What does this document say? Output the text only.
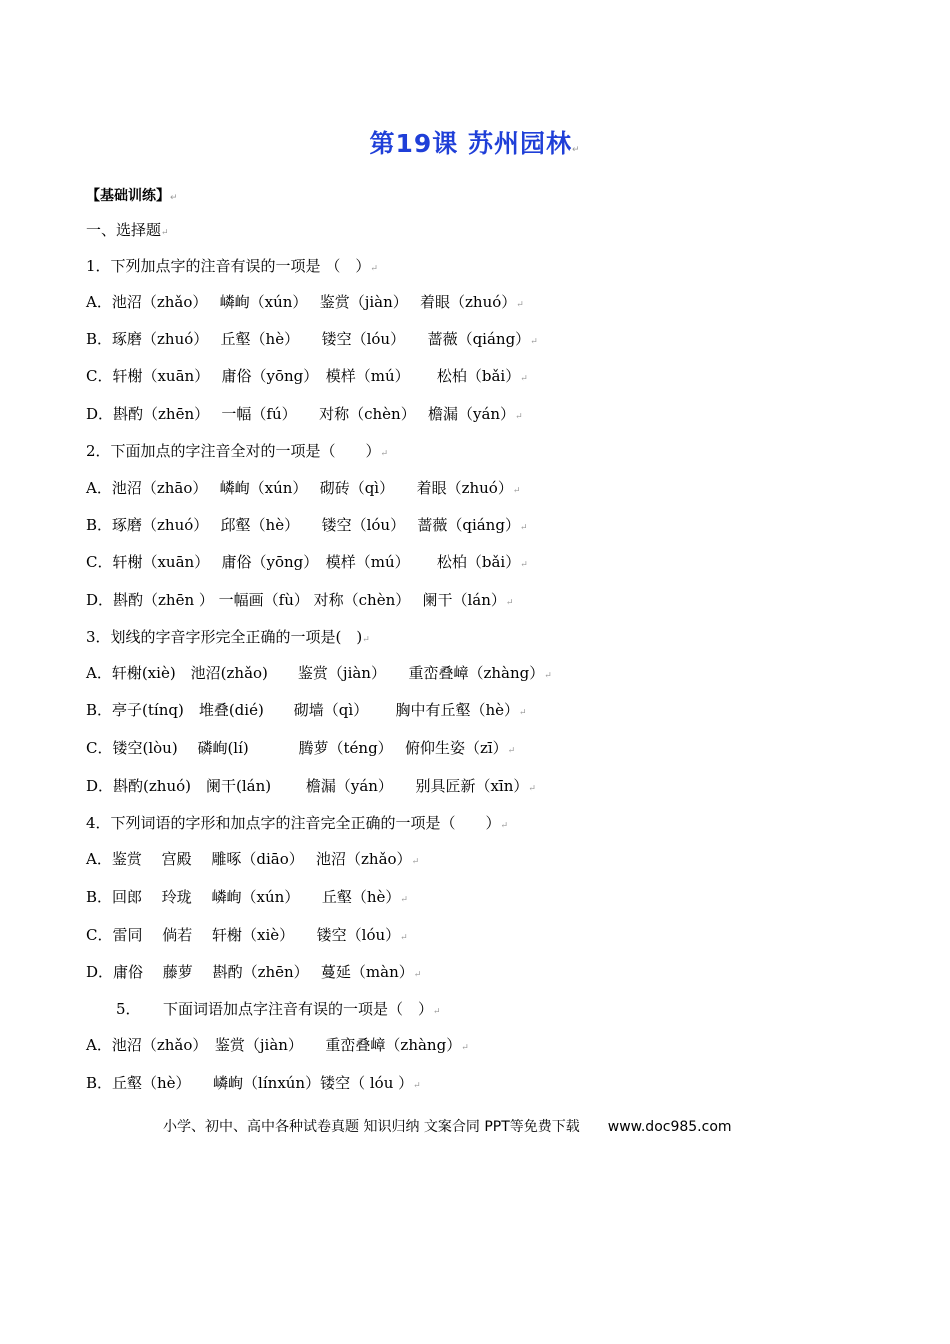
第19课 苏州园林↵
【基础训练】↵
一、选择题↵
1．下列加点字的注音有误的一项是 （　）↵
A．池沼（zhǎo）　 嶙峋（xún）　 鉴赏（jiàn）　 着眼（zhuó）↵
B．琢磨（zhuó）　 丘壑（hè）　　镂空（lóu）　　蔷薇（qiáng）↵
C．轩榭（xuān）　 庸俗（yōng）　模样（mú）　　 松柏（bǎi）↵
D．斟酌（zhēn）　 一幅（fú）　　对称（chèn）　 檐漏（yán）↵
2．下面加点的字注音全对的一项是（　　）↵
A．池沼（zhāo）　 嶙峋（xún）　 砌砖（qì）　　着眼（zhuó）↵
B．琢磨（zhuó）　 邱壑（hè）　　镂空（lóu）　 蔷薇（qiáng）↵
C．轩榭（xuān）　 庸俗（yōng）　模样（mú）　　 松柏（bǎi）↵
D．斟酌（zhēn ） 一幅画（fù） 对称（chèn）　 阑干（lán）↵
3．划线的字音字形完全正确的一项是(　)↵
A．轩榭(xiè)　池沼(zhǎo)　　鉴赏（jiàn）　　重峦叠嶂（zhàng）↵
B．亭子(tínq)　堆叠(dié)　　砌墙（qì）　　 胸中有丘壑（hè）↵
C．镂空(lòu)　 磷峋(lí)　　　 腾萝（téng）　 俯仰生姿（zī）↵
D．斟酌(zhuó)　阑干(lán)　　 檐漏（yán）　　别具匠新（xīn）↵
4．下列词语的字形和加点字的注音完全正确的一项是（　　）↵
A．鉴赏　 宫殿　 雕啄（diāo）　 池沼（zhǎo）↵
B．回郎　 玲珑　 嶙峋（xún）　　丘壑（hè）↵
C．雷同　 倘若　 轩榭（xiè）　　镂空（lóu）↵
D．庸俗　 藤萝　 斟酌（zhēn）　 蔓延（màn）↵
　　5．　　下面词语加点字注音有误的一项是（　）↵
A．池沼（zhǎo）　鉴赏（jiàn）　　重峦叠嶂（zhàng）↵
B．丘壑（hè）　　嶙峋（línxún）镂空（ lóu ）↵
小学、初中、高中各种试卷真题 知识归纳 文案合同 PPT等免费下载　　www.doc985.com
